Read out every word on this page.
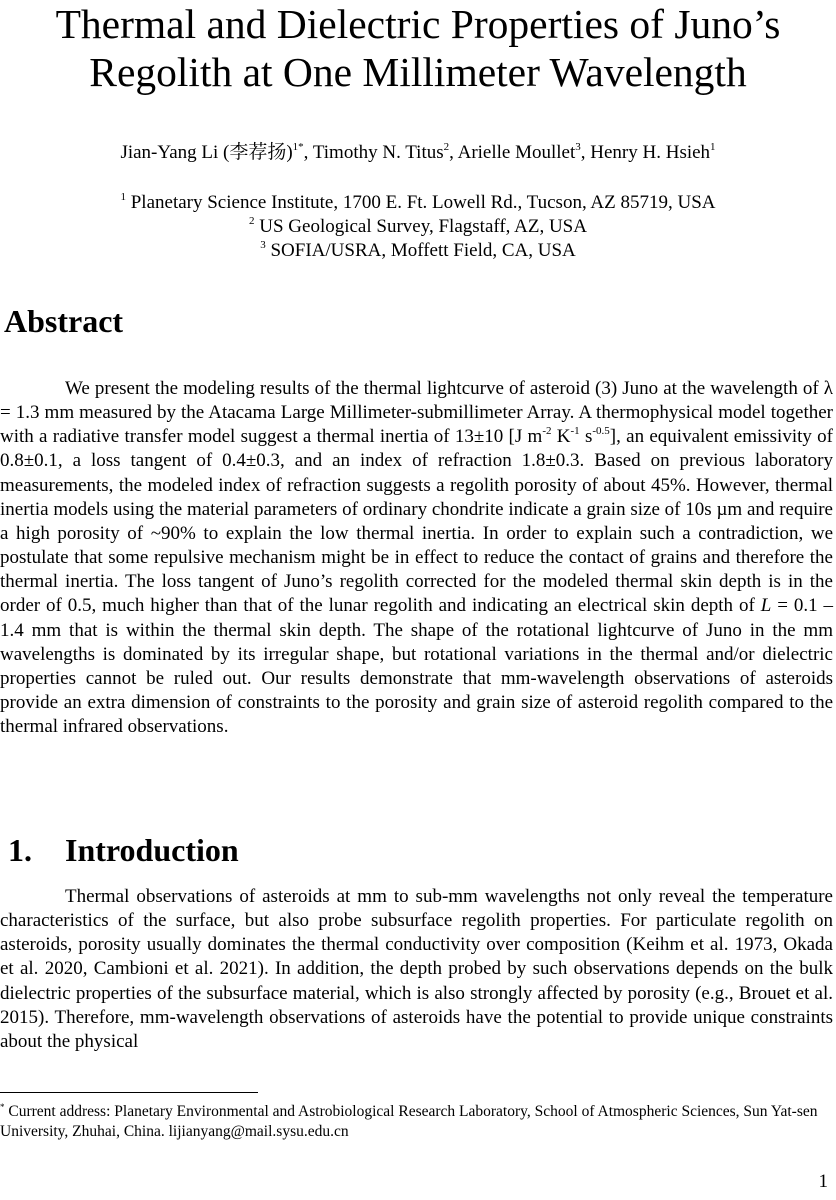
Thermal and Dielectric Properties of Juno’s
Regolith at One Millimeter Wavelength
Jian-Yang Li (李荐扬)$^{1*}$, Timothy N. Titus$^2$, Arielle Moullet$^3$, Henry H. Hsieh$^1$
$^1$ Planetary Science Institute, 1700 E. Ft. Lowell Rd., Tucson, AZ 85719, USA
$^2$ US Geological Survey, Flagstaff, AZ, USA
$^3$ SOFIA/USRA, Moffett Field, CA, USA
Abstract

We present the modeling results of the thermal lightcurve of asteroid (3) Juno at the wavelength of λ = 1.3 mm measured by the Atacama Large Millimeter-submillimeter Array. A thermophysical model together with a radiative transfer model suggest a thermal inertia of 13±10 [J $m^{-2}$ $K^{-1}$ $s^{-0.5}$], an equivalent emissivity of 0.8±0.1, a loss tangent of 0.4±0.3, and an index of refraction 1.8±0.3. Based on previous laboratory measurements, the modeled index of refraction suggests a regolith porosity of about 45%. However, thermal inertia models using the material parameters of ordinary chondrite indicate a grain size of 10s µm and require a high porosity of ~90% to explain the low thermal inertia. In order to explain such a contradiction, we postulate that some repulsive mechanism might be in effect to reduce the contact of grains and therefore the thermal inertia. The loss tangent of Juno’s regolith corrected for the modeled thermal skin depth is in the order of 0.5, much higher than that of the lunar regolith and indicating an electrical skin depth of L = 0.1 – 1.4 mm that is within the thermal skin depth. The shape of the rotational lightcurve of Juno in the mm wavelengths is dominated by its irregular shape, but rotational variations in the thermal and/or dielectric properties cannot be ruled out. Our results demonstrate that mm-wavelength observations of asteroids provide an extra dimension of constraints to the porosity and grain size of asteroid regolith compared to the thermal infrared observations.

1. Introduction

Thermal observations of asteroids at mm to sub-mm wavelengths not only reveal the temperature characteristics of the surface, but also probe subsurface regolith properties. For particulate regolith on asteroids, porosity usually dominates the thermal conductivity over composition (Keihm et al. 1973, Okada et al. 2020, Cambioni et al. 2021). In addition, the depth probed by such observations depends on the bulk dielectric properties of the subsurface material, which is also strongly affected by porosity (e.g., Brouet et al. 2015). Therefore, mm-wavelength observations of asteroids have the potential to provide unique constraints about the physical

* Current address: Planetary Environmental and Astrobiological Research Laboratory, School of Atmospheric Sciences, Sun Yat-sen University, Zhuhai, China. lijianyang@mail.sysu.edu.cn

1
